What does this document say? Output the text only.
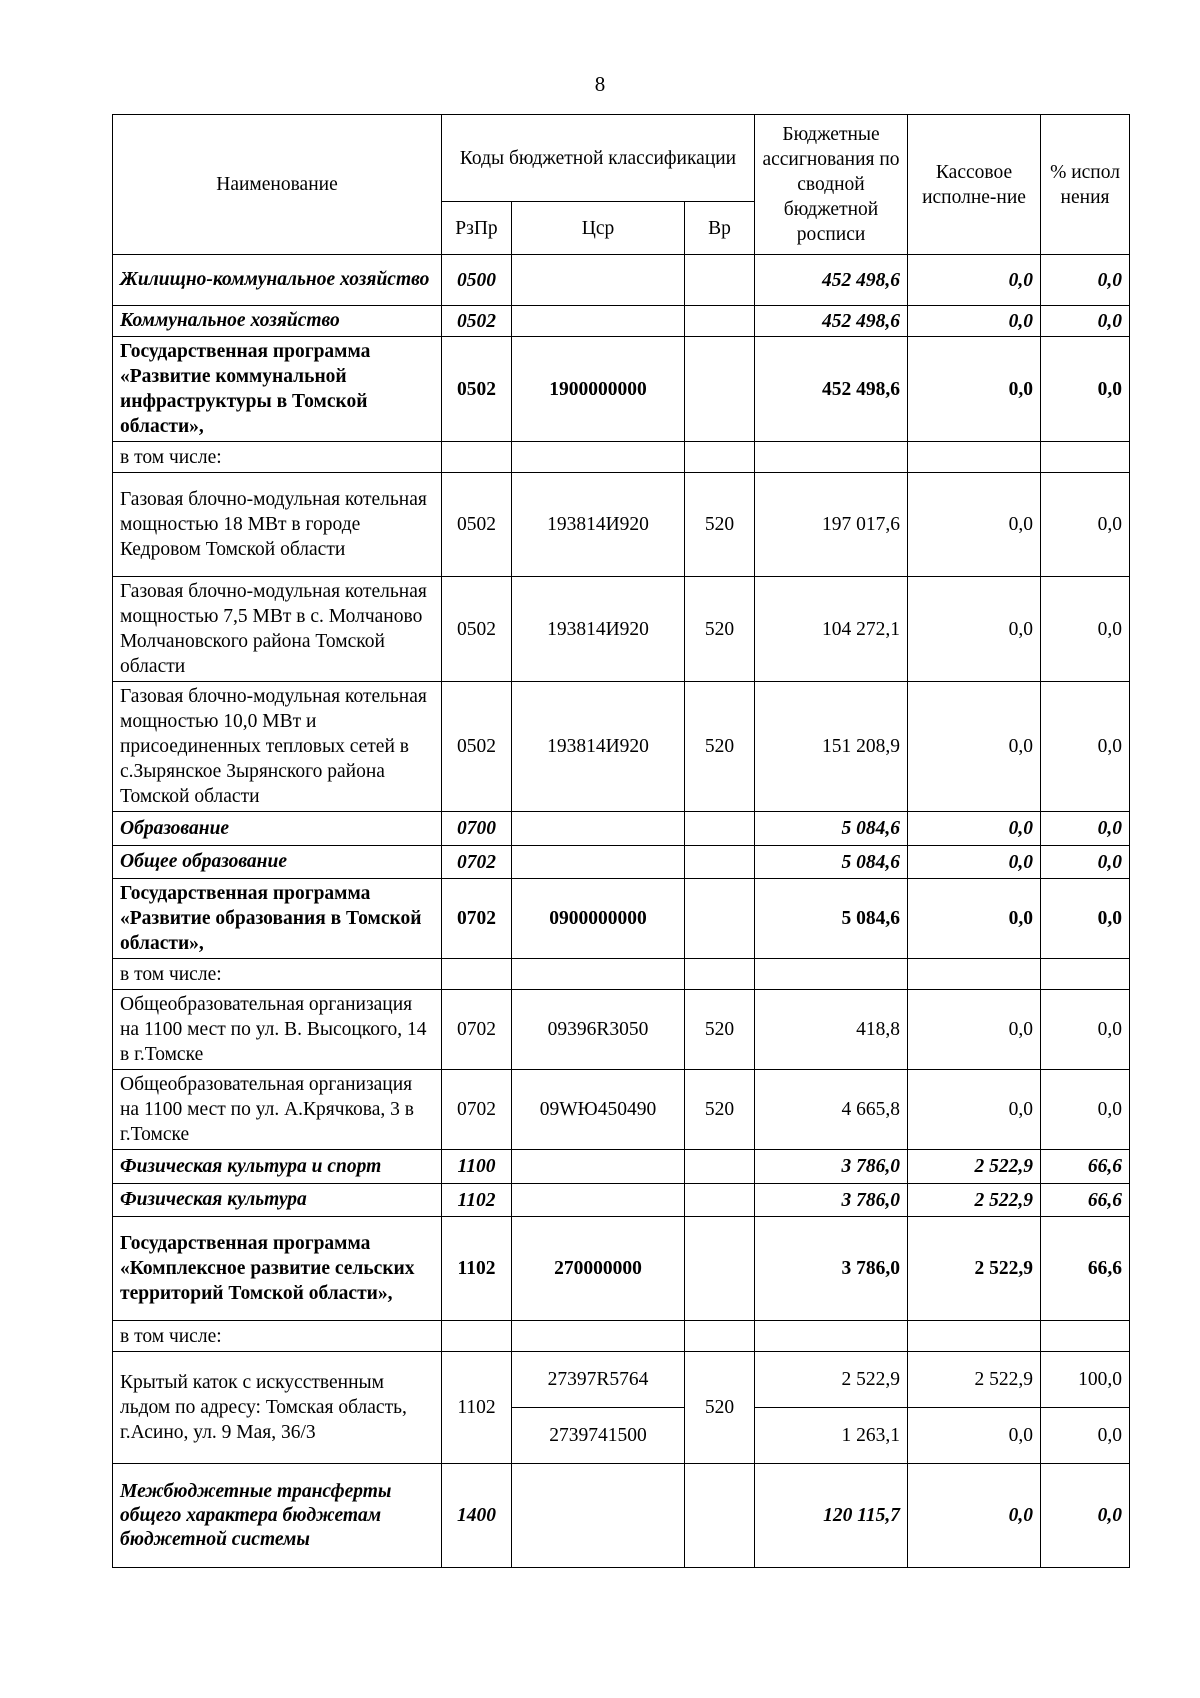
8
Наименование	Коды бюджетной классификации			Бюджетные ассигнования по сводной бюджетной росписи	Кассовое исполне-ние	% испол нения
	РзПр	Цср	Вр			
Жилищно-коммунальное хозяйство	0500			452 498,6	0,0	0,0
Коммунальное хозяйство	0502			452 498,6	0,0	0,0
Государственная программа «Развитие коммунальной инфраструктуры в Томской области»,	0502	1900000000		452 498,6	0,0	0,0
в том числе:						
Газовая блочно-модульная котельная мощностью 18 МВт в городе Кедровом Томской области	0502	193814И920	520	197 017,6	0,0	0,0
Газовая блочно-модульная котельная мощностью 7,5 МВт в с. Молчаново Молчановского района Томской области	0502	193814И920	520	104 272,1	0,0	0,0
Газовая блочно-модульная котельная мощностью 10,0 МВт и присоединенных тепловых сетей в с.Зырянское Зырянского района Томской области	0502	193814И920	520	151 208,9	0,0	0,0
Образование	0700			5 084,6	0,0	0,0
Общее образование	0702			5 084,6	0,0	0,0
Государственная программа «Развитие образования в Томской области»,	0702	0900000000		5 084,6	0,0	0,0
в том числе:						
Общеобразовательная организация на 1100 мест по ул. В. Высоцкого, 14 в г.Томске	0702	09396R3050	520	418,8	0,0	0,0
Общеобразовательная организация на 1100 мест по ул. А.Крячкова, 3 в г.Томске	0702	09WЮ450490	520	4 665,8	0,0	0,0
Физическая культура и спорт	1100			3 786,0	2 522,9	66,6
Физическая культура	1102			3 786,0	2 522,9	66,6
Государственная программа «Комплексное развитие сельских территорий Томской области»,	1102	270000000		3 786,0	2 522,9	66,6
в том числе:						
Крытый каток с искусственным льдом по адресу: Томская область, г.Асино, ул. 9 Мая, 36/3	1102	27397R5764	520	2 522,9	2 522,9	100,0
		2739741500		1 263,1	0,0	0,0
Межбюджетные трансферты общего характера бюджетам бюджетной системы	1400			120 115,7	0,0	0,0
